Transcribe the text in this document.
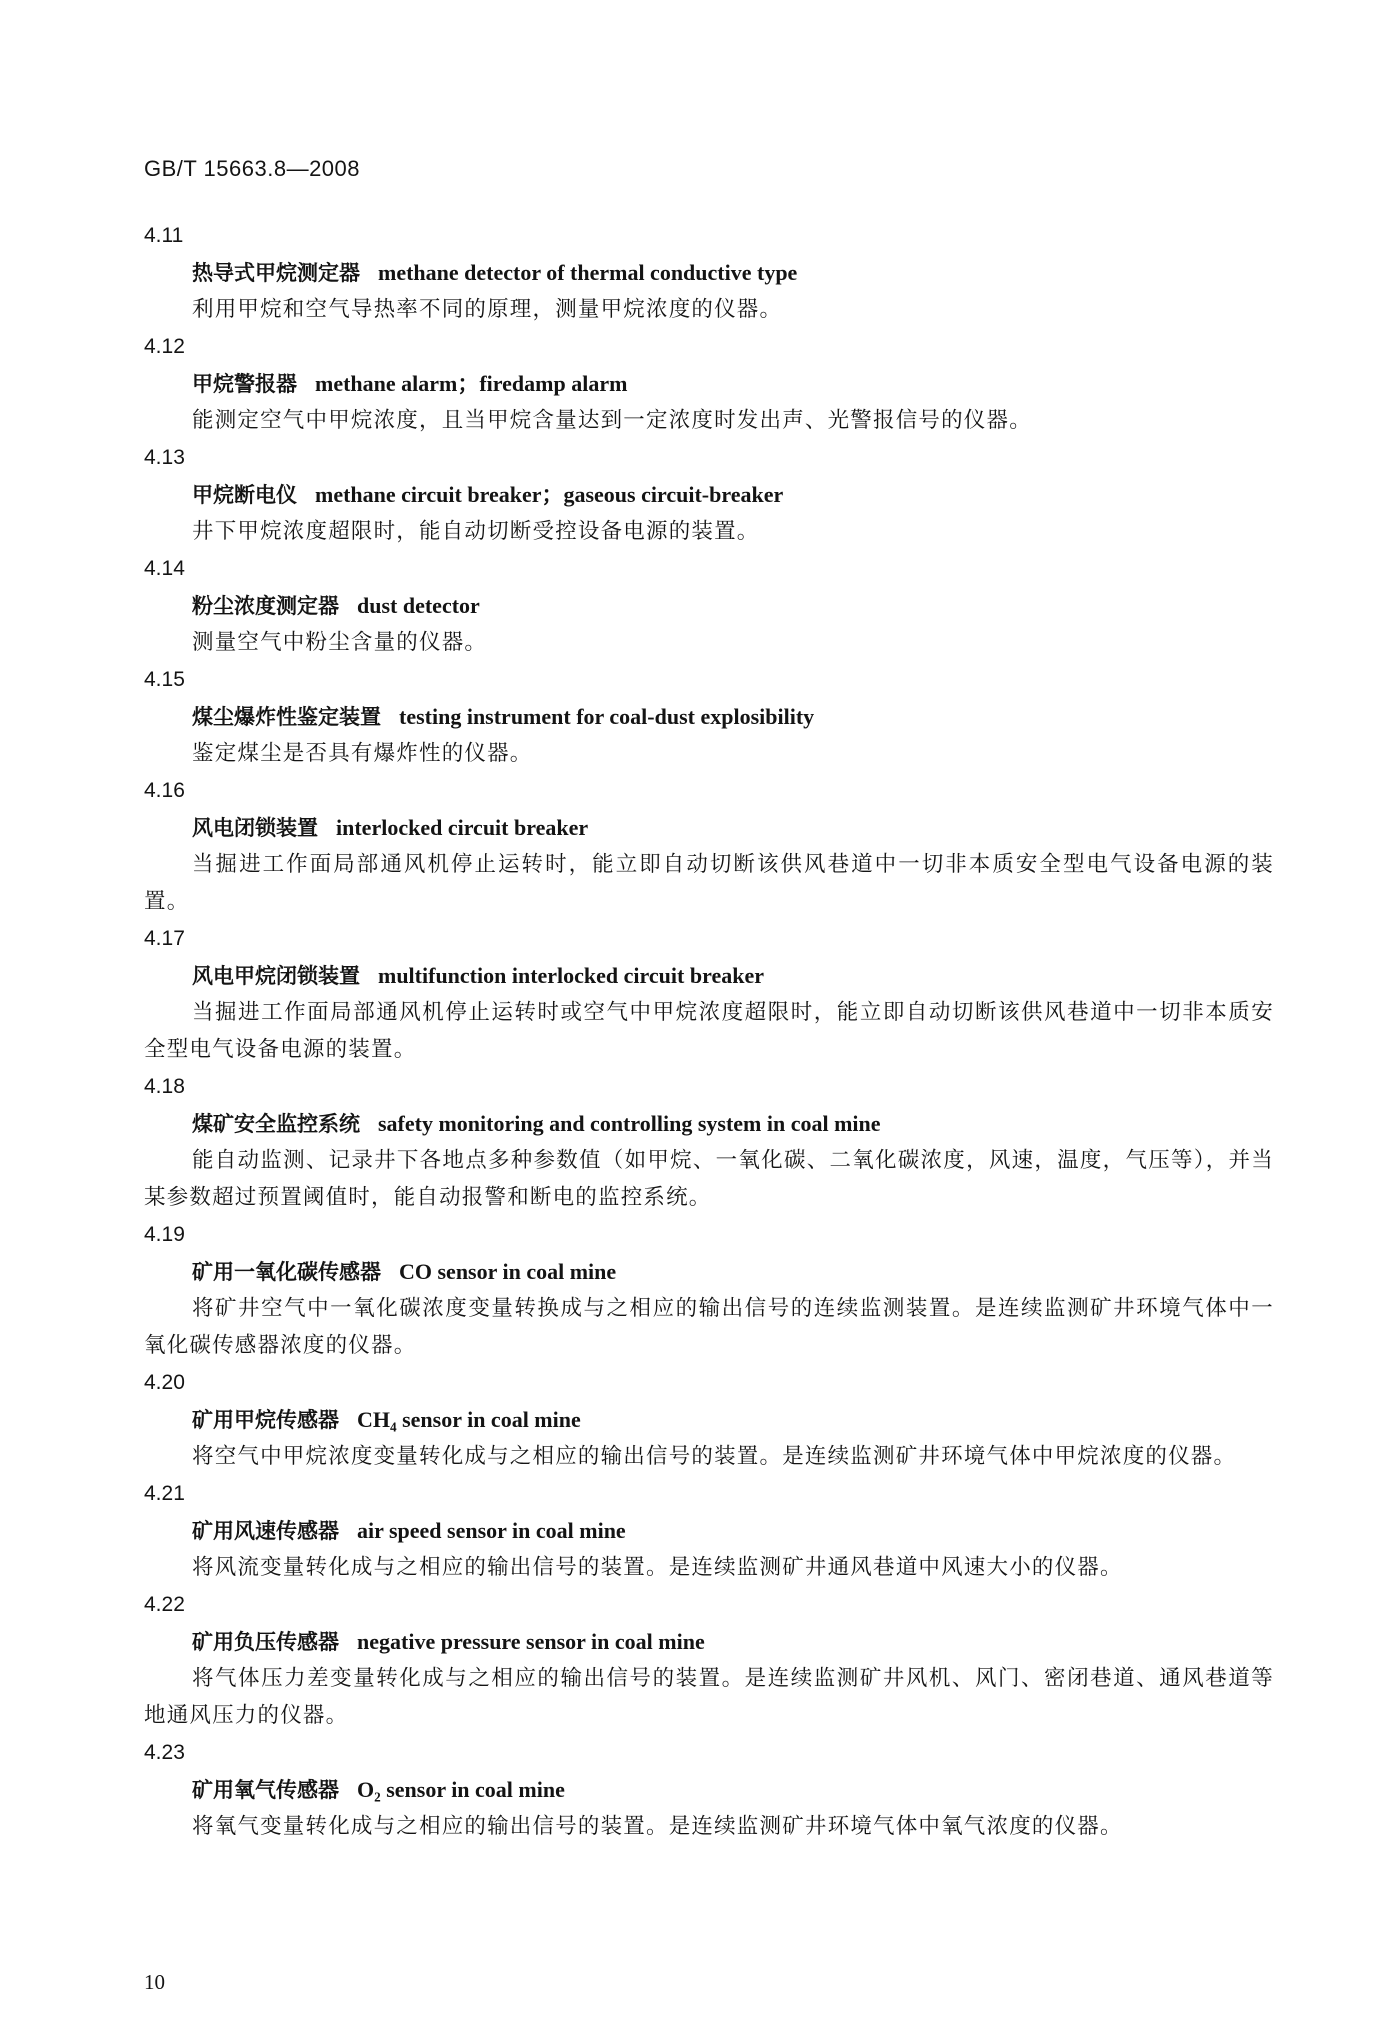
GB/T 15663.8—2008
4.11
热导式甲烷测定器 methane detector of thermal conductive type
利用甲烷和空气导热率不同的原理，测量甲烷浓度的仪器。
4.12
甲烷警报器 methane alarm；firedamp alarm
能测定空气中甲烷浓度，且当甲烷含量达到一定浓度时发出声、光警报信号的仪器。
4.13
甲烷断电仪 methane circuit breaker；gaseous circuit-breaker
井下甲烷浓度超限时，能自动切断受控设备电源的装置。
4.14
粉尘浓度测定器 dust detector
测量空气中粉尘含量的仪器。
4.15
煤尘爆炸性鉴定装置 testing instrument for coal-dust explosibility
鉴定煤尘是否具有爆炸性的仪器。
4.16
风电闭锁装置 interlocked circuit breaker
当掘进工作面局部通风机停止运转时，能立即自动切断该供风巷道中一切非本质安全型电气设备电源的装置。
4.17
风电甲烷闭锁装置 multifunction interlocked circuit breaker
当掘进工作面局部通风机停止运转时或空气中甲烷浓度超限时，能立即自动切断该供风巷道中一切非本质安全型电气设备电源的装置。
4.18
煤矿安全监控系统 safety monitoring and controlling system in coal mine
能自动监测、记录井下各地点多种参数值（如甲烷、一氧化碳、二氧化碳浓度，风速，温度，气压等），并当某参数超过预置阈值时，能自动报警和断电的监控系统。
4.19
矿用一氧化碳传感器 CO sensor in coal mine
将矿井空气中一氧化碳浓度变量转换成与之相应的输出信号的连续监测装置。是连续监测矿井环境气体中一氧化碳传感器浓度的仪器。
4.20
矿用甲烷传感器 CH₄ sensor in coal mine
将空气中甲烷浓度变量转化成与之相应的输出信号的装置。是连续监测矿井环境气体中甲烷浓度的仪器。
4.21
矿用风速传感器 air speed sensor in coal mine
将风流变量转化成与之相应的输出信号的装置。是连续监测矿井通风巷道中风速大小的仪器。
4.22
矿用负压传感器 negative pressure sensor in coal mine
将气体压力差变量转化成与之相应的输出信号的装置。是连续监测矿井风机、风门、密闭巷道、通风巷道等地通风压力的仪器。
4.23
矿用氧气传感器 O₂ sensor in coal mine
将氧气变量转化成与之相应的输出信号的装置。是连续监测矿井环境气体中氧气浓度的仪器。
10
